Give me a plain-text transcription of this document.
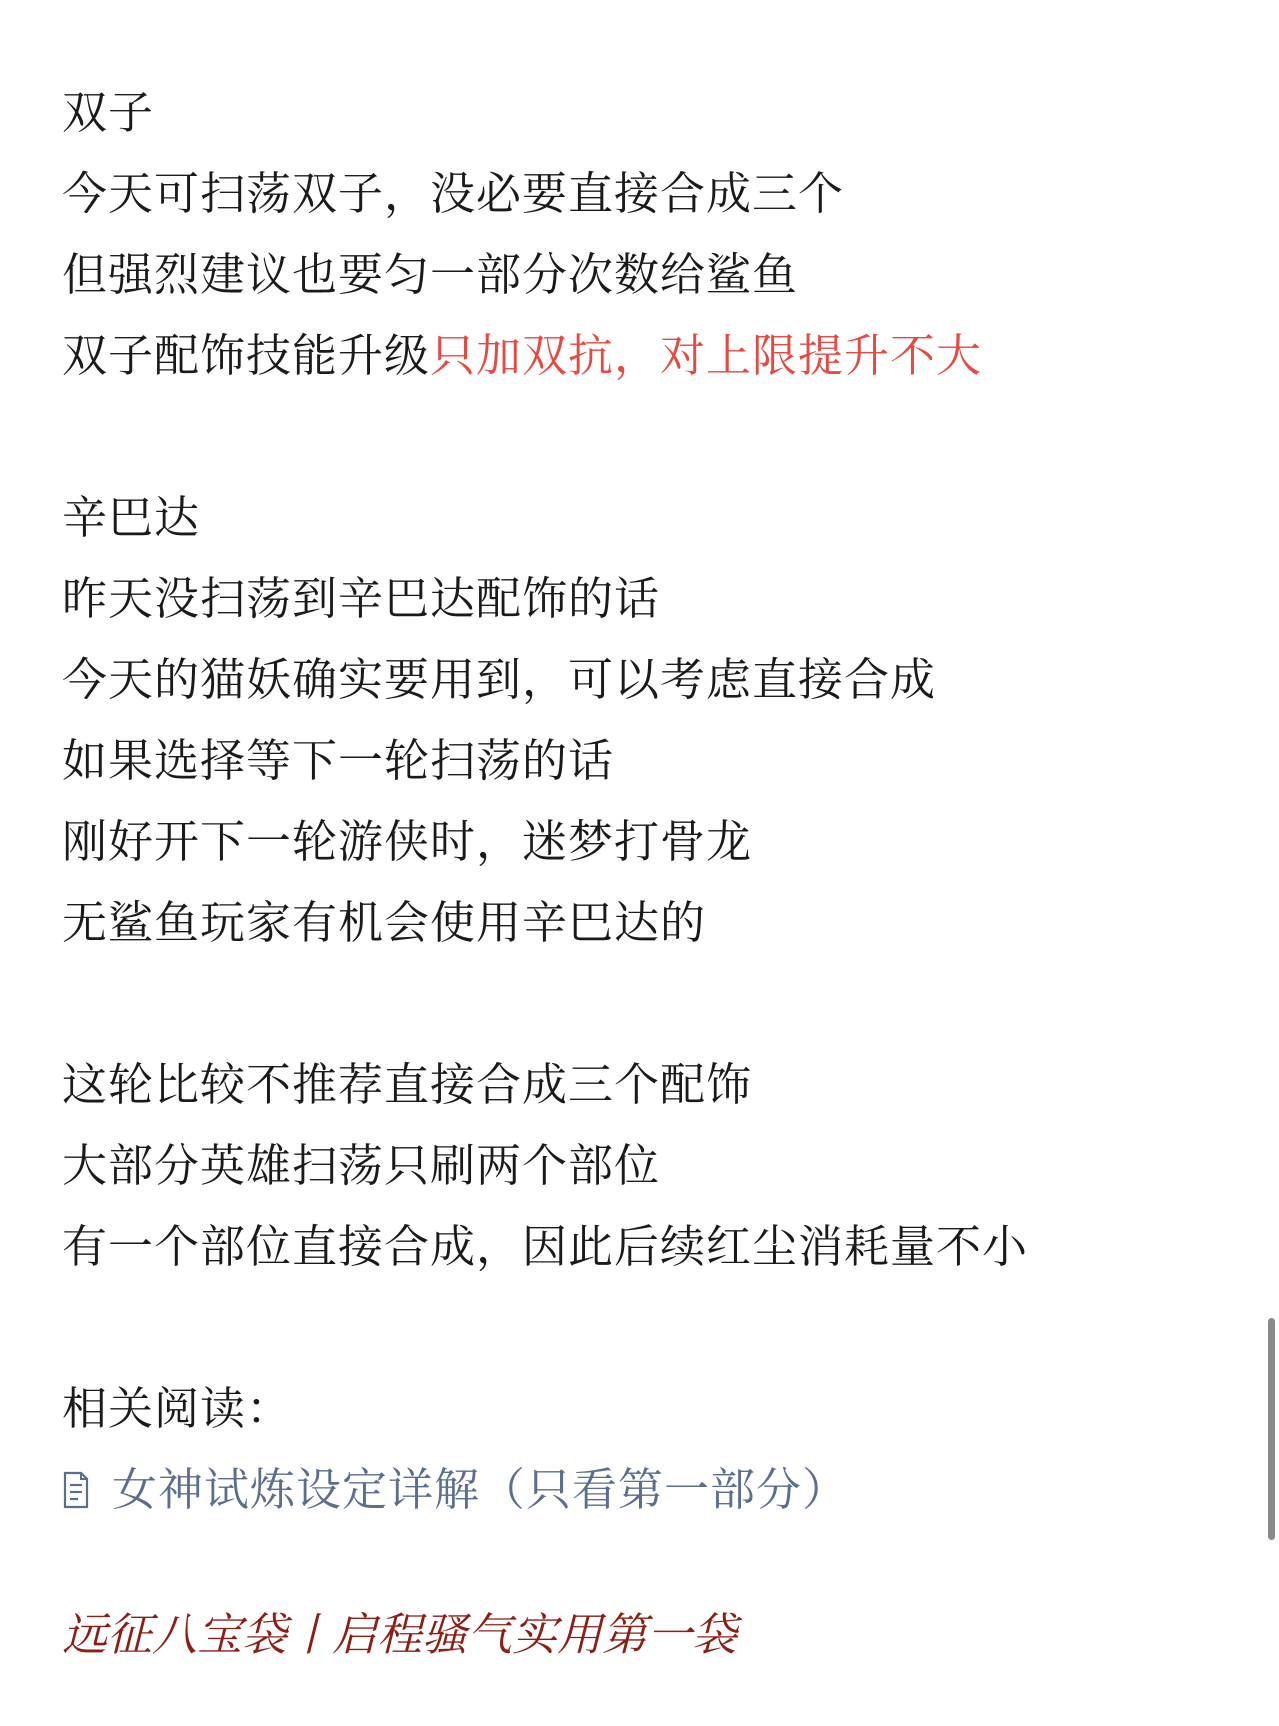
双子
今天可扫荡双子，没必要直接合成三个
但强烈建议也要匀一部分次数给鲨鱼
双子配饰技能升级只加双抗，对上限提升不大
辛巴达
昨天没扫荡到辛巴达配饰的话
今天的猫妖确实要用到，可以考虑直接合成
如果选择等下一轮扫荡的话
刚好开下一轮游侠时，迷梦打骨龙
无鲨鱼玩家有机会使用辛巴达的
这轮比较不推荐直接合成三个配饰
大部分英雄扫荡只刷两个部位
有一个部位直接合成，因此后续红尘消耗量不小
相关阅读：
女神试炼设定详解（只看第一部分）
远征八宝袋丨启程骚气实用第一袋
